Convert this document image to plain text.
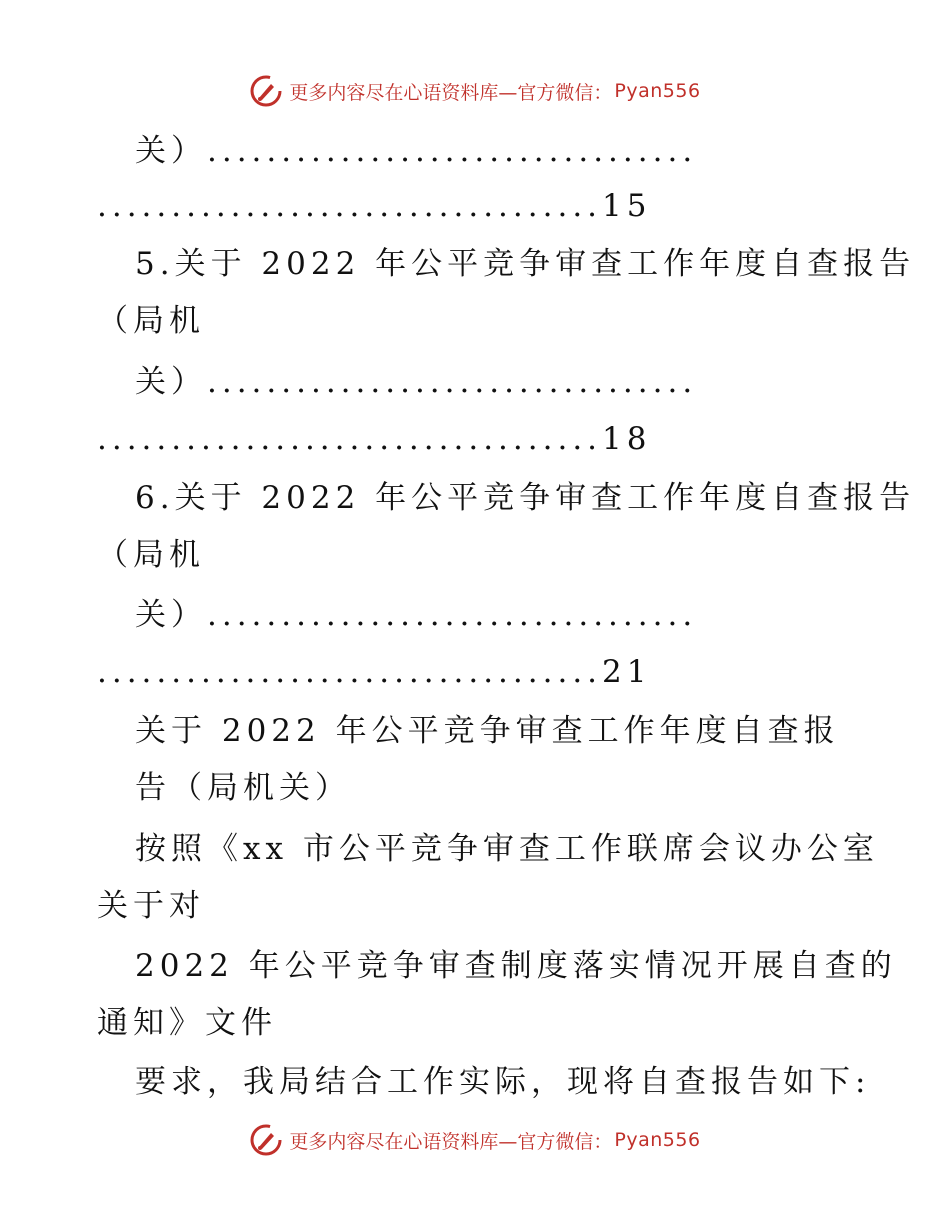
更多内容尽在心语资料库—官方微信： Pyan556
关）.................................
..................................15
5.关于 2022 年公平竞争审查工作年度自查报告
（局机
关）.................................
..................................18
6.关于 2022 年公平竞争审查工作年度自查报告
（局机
关）.................................
..................................21
关于 2022 年公平竞争审查工作年度自查报
告（局机关）
按照《xx 市公平竞争审查工作联席会议办公室
关于对
2022 年公平竞争审查制度落实情况开展自查的
通知》文件
要求，我局结合工作实际，现将自查报告如下:
更多内容尽在心语资料库—官方微信： Pyan556
